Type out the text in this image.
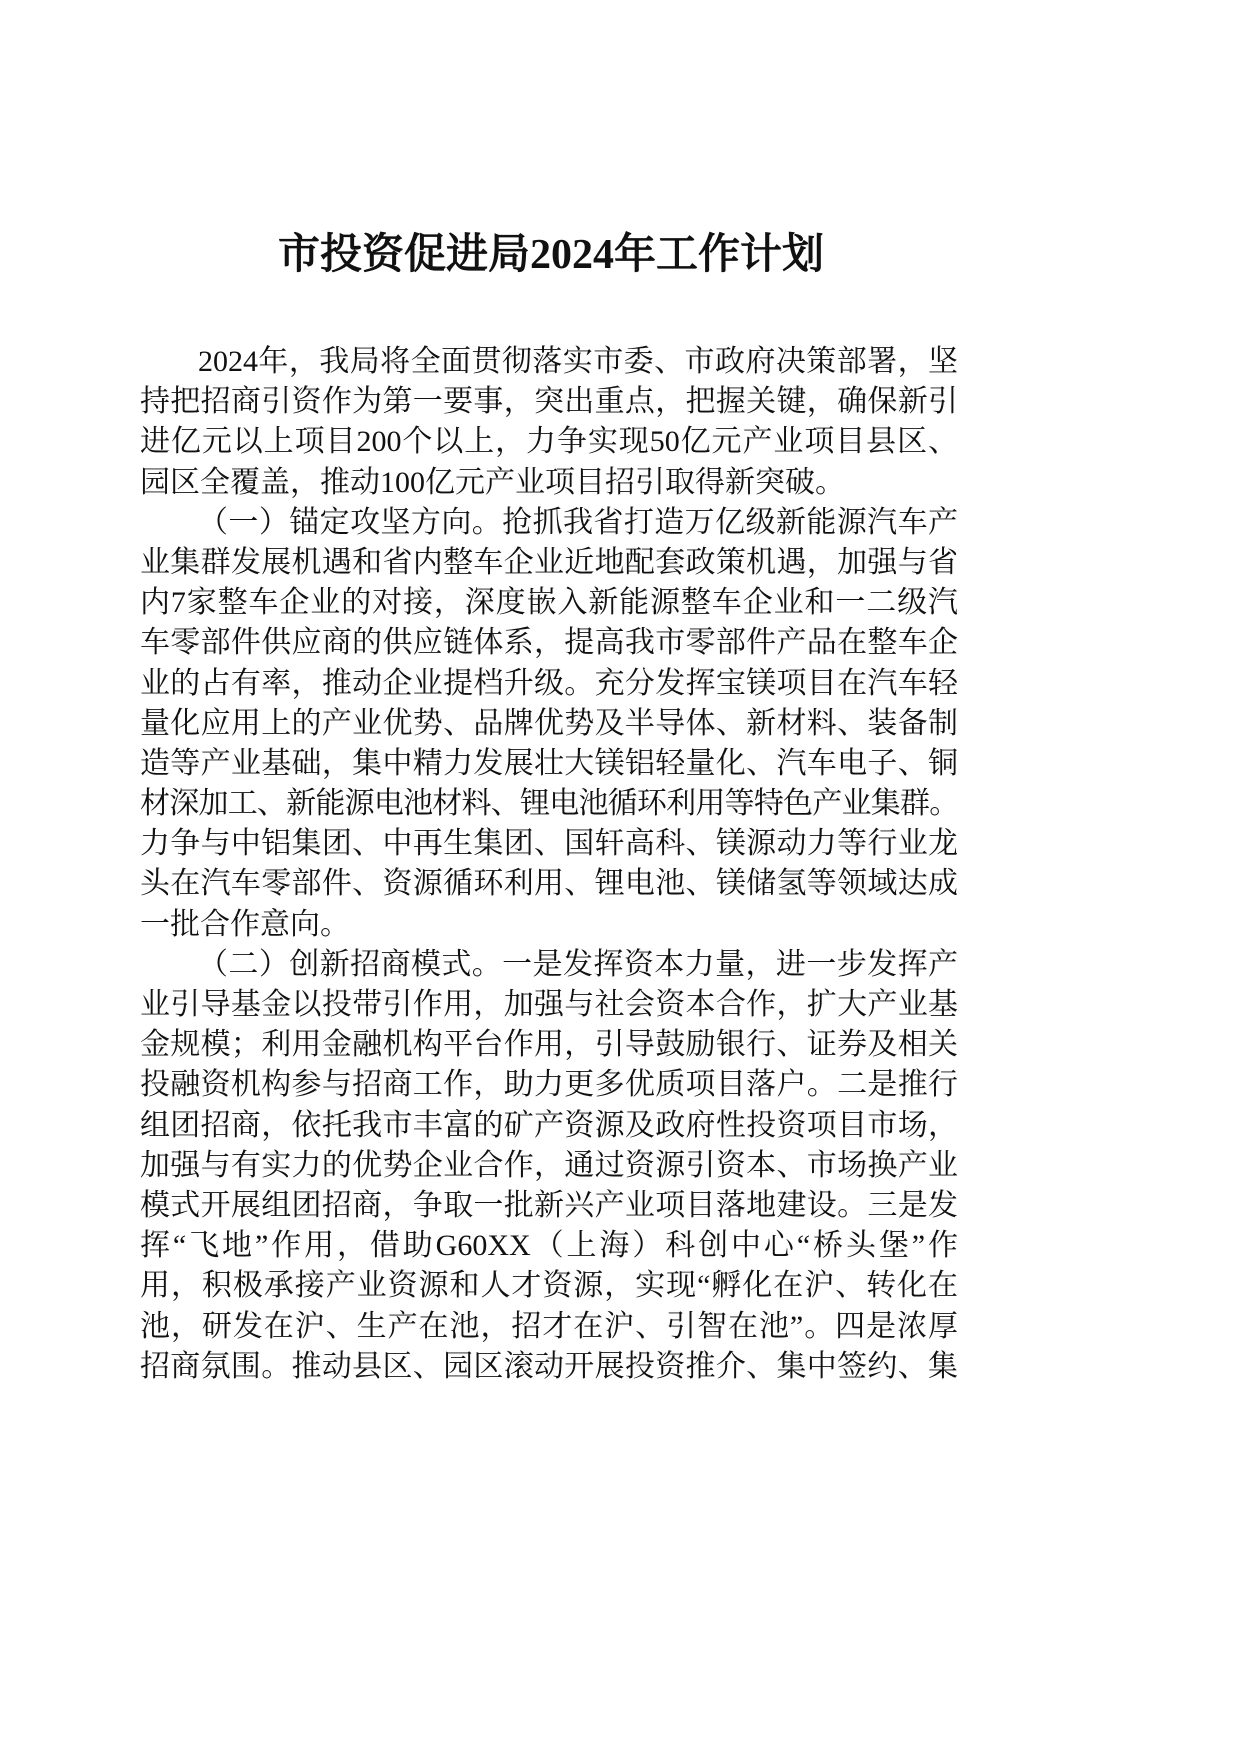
市投资促进局2024年工作计划
2024年，我局将全面贯彻落实市委、市政府决策部署，坚
持把招商引资作为第一要事，突出重点，把握关键，确保新引
进亿元以上项目200个以上，力争实现50亿元产业项目县区、
园区全覆盖，推动100亿元产业项目招引取得新突破。
（一）锚定攻坚方向。抢抓我省打造万亿级新能源汽车产
业集群发展机遇和省内整车企业近地配套政策机遇，加强与省
内7家整车企业的对接，深度嵌入新能源整车企业和一二级汽
车零部件供应商的供应链体系，提高我市零部件产品在整车企
业的占有率，推动企业提档升级。充分发挥宝镁项目在汽车轻
量化应用上的产业优势、品牌优势及半导体、新材料、装备制
造等产业基础，集中精力发展壮大镁铝轻量化、汽车电子、铜
材深加工、新能源电池材料、锂电池循环利用等特色产业集群。
力争与中铝集团、中再生集团、国轩高科、镁源动力等行业龙
头在汽车零部件、资源循环利用、锂电池、镁储氢等领域达成
一批合作意向。
（二）创新招商模式。一是发挥资本力量，进一步发挥产
业引导基金以投带引作用，加强与社会资本合作，扩大产业基
金规模；利用金融机构平台作用，引导鼓励银行、证券及相关
投融资机构参与招商工作，助力更多优质项目落户。二是推行
组团招商，依托我市丰富的矿产资源及政府性投资项目市场，
加强与有实力的优势企业合作，通过资源引资本、市场换产业
模式开展组团招商，争取一批新兴产业项目落地建设。三是发
挥“飞地”作用，借助G60XX（上海）科创中心“桥头堡”作
用，积极承接产业资源和人才资源，实现“孵化在沪、转化在
池，研发在沪、生产在池，招才在沪、引智在池”。四是浓厚
招商氛围。推动县区、园区滚动开展投资推介、集中签约、集
